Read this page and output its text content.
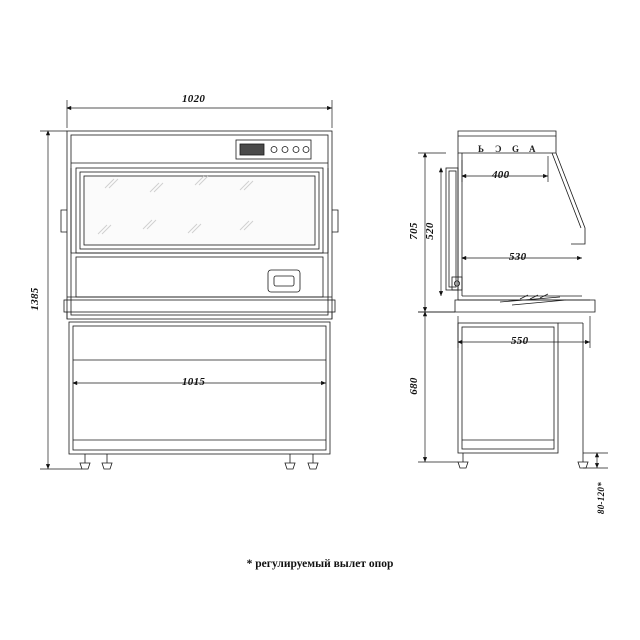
Ь Ɔ G A
1020
1385
1015
400
705 520
530
550
680
80-120*
* регулируемый вылет опор
